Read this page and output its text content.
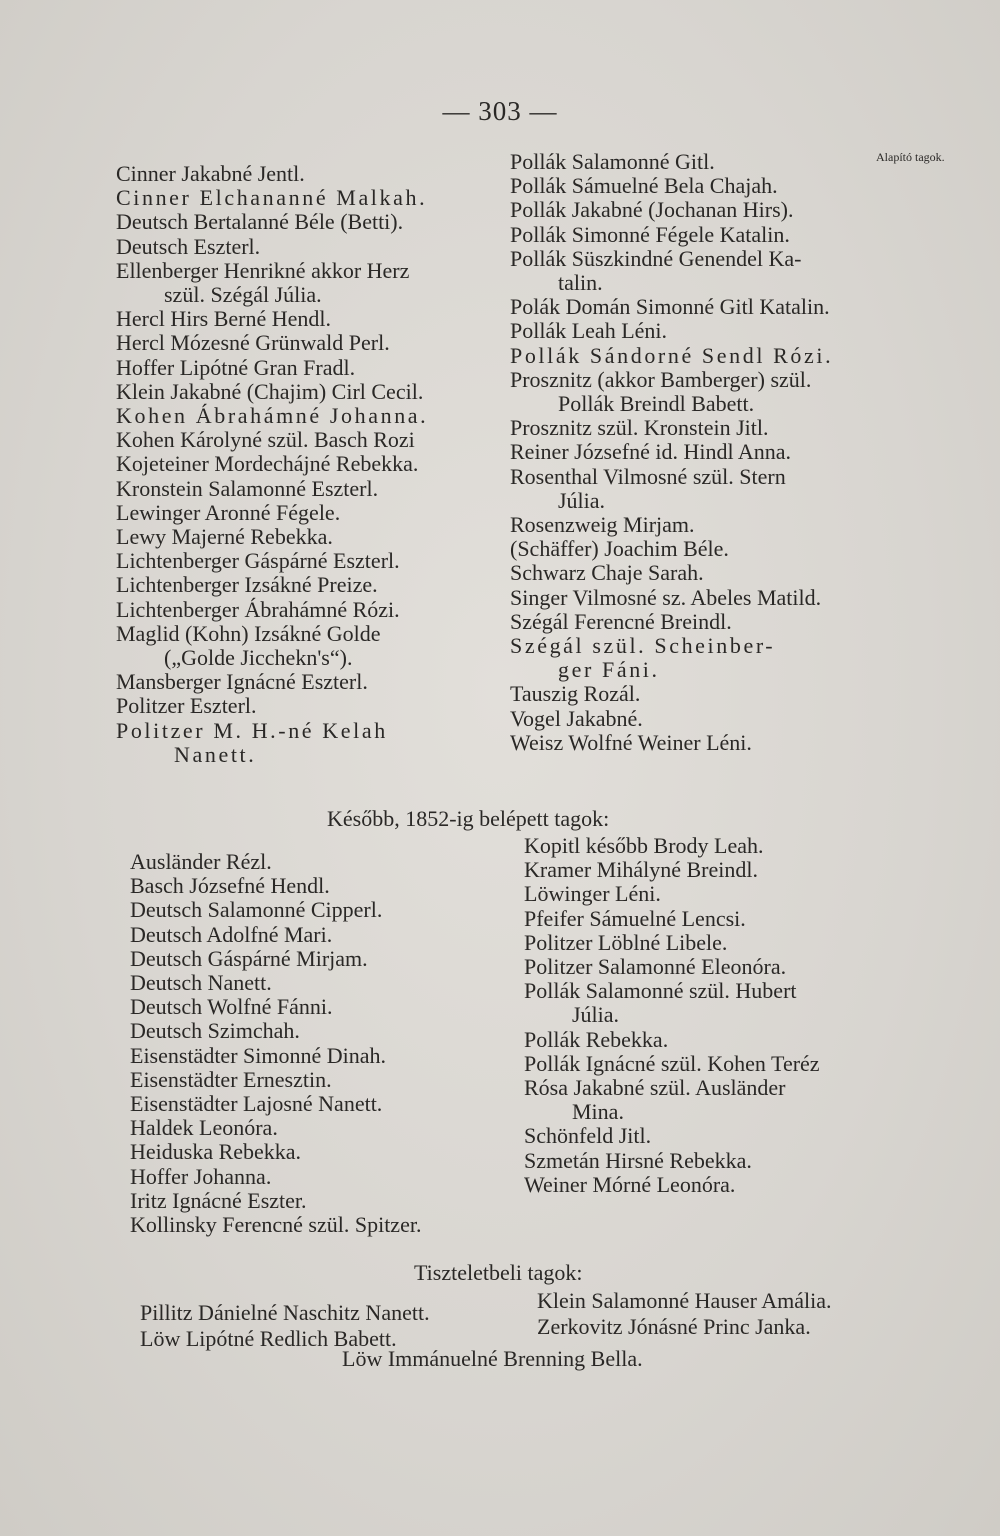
— 303 —
Alapító tagok.
Cinner Jakabné Jentl.
Cinner Elchananné Malkah.
Deutsch Bertalanné Béle (Betti).
Deutsch Eszterl.
Ellenberger Henrikné akkor Herz
szül. Szégál Júlia.
Hercl Hirs Berné Hendl.
Hercl Mózesné Grünwald Perl.
Hoffer Lipótné Gran Fradl.
Klein Jakabné (Chajim) Cirl Cecil.
Kohen Ábrahámné Johanna.
Kohen Károlyné szül. Basch Rozi
Kojeteiner Mordechájné Rebekka.
Kronstein Salamonné Eszterl.
Lewinger Aronné Fégele.
Lewy Majerné Rebekka.
Lichtenberger Gáspárné Eszterl.
Lichtenberger Izsákné Preize.
Lichtenberger Ábrahámné Rózi.
Maglid (Kohn) Izsákné Golde
(„Golde Jicchekn's“).
Mansberger Ignácné Eszterl.
Politzer Eszterl.
Politzer M. H.-né Kelah
Nanett.
Pollák Salamonné Gitl.
Pollák Sámuelné Bela Chajah.
Pollák Jakabné (Jochanan Hirs).
Pollák Simonné Fégele Katalin.
Pollák Süszkindné Genendel Ka-
talin.
Polák Domán Simonné Gitl Katalin.
Pollák Leah Léni.
Pollák Sándorné Sendl Rózi.
Prosznitz (akkor Bamberger) szül.
Pollák Breindl Babett.
Prosznitz szül. Kronstein Jitl.
Reiner Józsefné id. Hindl Anna.
Rosenthal Vilmosné szül. Stern
Júlia.
Rosenzweig Mirjam.
(Schäffer) Joachim Béle.
Schwarz Chaje Sarah.
Singer Vilmosné sz. Abeles Matild.
Szégál Ferencné Breindl.
Szégál szül. Scheinber-
ger Fáni.
Tauszig Rozál.
Vogel Jakabné.
Weisz Wolfné Weiner Léni.
Később, 1852-ig belépett tagok:
Ausländer Rézl.
Basch Józsefné Hendl.
Deutsch Salamonné Cipperl.
Deutsch Adolfné Mari.
Deutsch Gáspárné Mirjam.
Deutsch Nanett.
Deutsch Wolfné Fánni.
Deutsch Szimchah.
Eisenstädter Simonné Dinah.
Eisenstädter Ernesztin.
Eisenstädter Lajosné Nanett.
Haldek Leonóra.
Heiduska Rebekka.
Hoffer Johanna.
Iritz Ignácné Eszter.
Kollinsky Ferencné szül. Spitzer.
Kopitl később Brody Leah.
Kramer Mihályné Breindl.
Löwinger Léni.
Pfeifer Sámuelné Lencsi.
Politzer Löblné Libele.
Politzer Salamonné Eleonóra.
Pollák Salamonné szül. Hubert
Júlia.
Pollák Rebekka.
Pollák Ignácné szül. Kohen Teréz
Rósa Jakabné szül. Ausländer
Mina.
Schönfeld Jitl.
Szmetán Hirsné Rebekka.
Weiner Mórné Leonóra.
Tiszteletbeli tagok:
Pillitz Dánielné Naschitz Nanett.	Klein Salamonné Hauser Amália.
Löw Lipótné Redlich Babett.	Zerkovitz Jónásné Princ Janka.
Löw Immánuelné Brenning Bella.
